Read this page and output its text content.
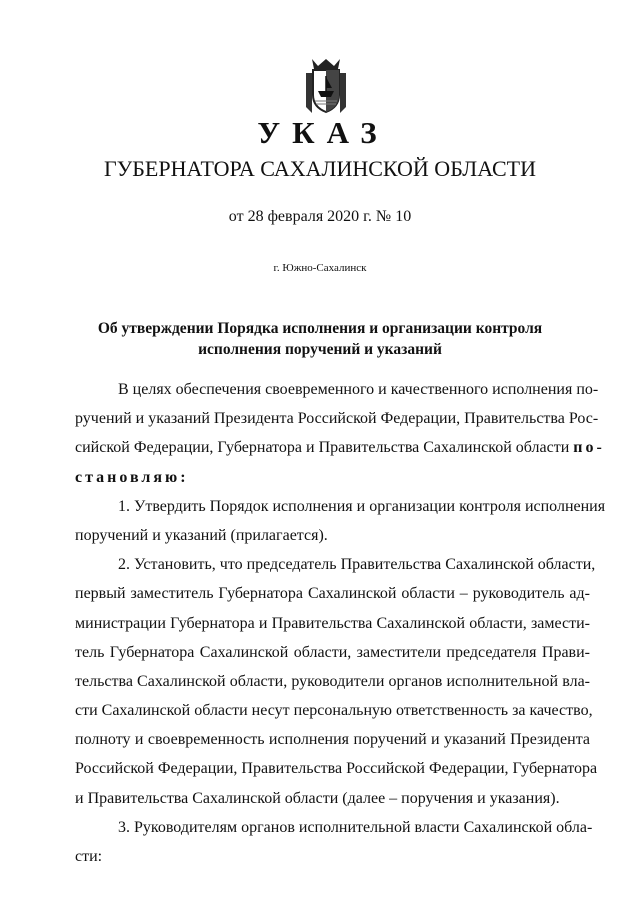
УКАЗ
ГУБЕРНАТОРА САХАЛИНСКОЙ ОБЛАСТИ
от 28 февраля 2020 г. № 10
г. Южно-Сахалинск
Об утверждении Порядка исполнения и организации контроля
исполнения поручений и указаний
В целях обеспечения своевременного и качественного исполнения по-
ручений и указаний Президента Российской Федерации, Правительства Рос-
сийской Федерации, Губернатора и Правительства Сахалинской области по-
становляю:
1. Утвердить Порядок исполнения и организации контроля исполнения
поручений и указаний (прилагается).
2. Установить, что председатель Правительства Сахалинской области,
первый заместитель Губернатора Сахалинской области – руководитель ад-
министрации Губернатора и Правительства Сахалинской области, замести-
тель Губернатора Сахалинской области, заместители председателя Прави-
тельства Сахалинской области, руководители органов исполнительной вла-
сти Сахалинской области несут персональную ответственность за качество,
полноту и своевременность исполнения поручений и указаний Президента
Российской Федерации, Правительства Российской Федерации, Губернатора
и Правительства Сахалинской области (далее – поручения и указания).
3. Руководителям органов исполнительной власти Сахалинской обла-
сти:
